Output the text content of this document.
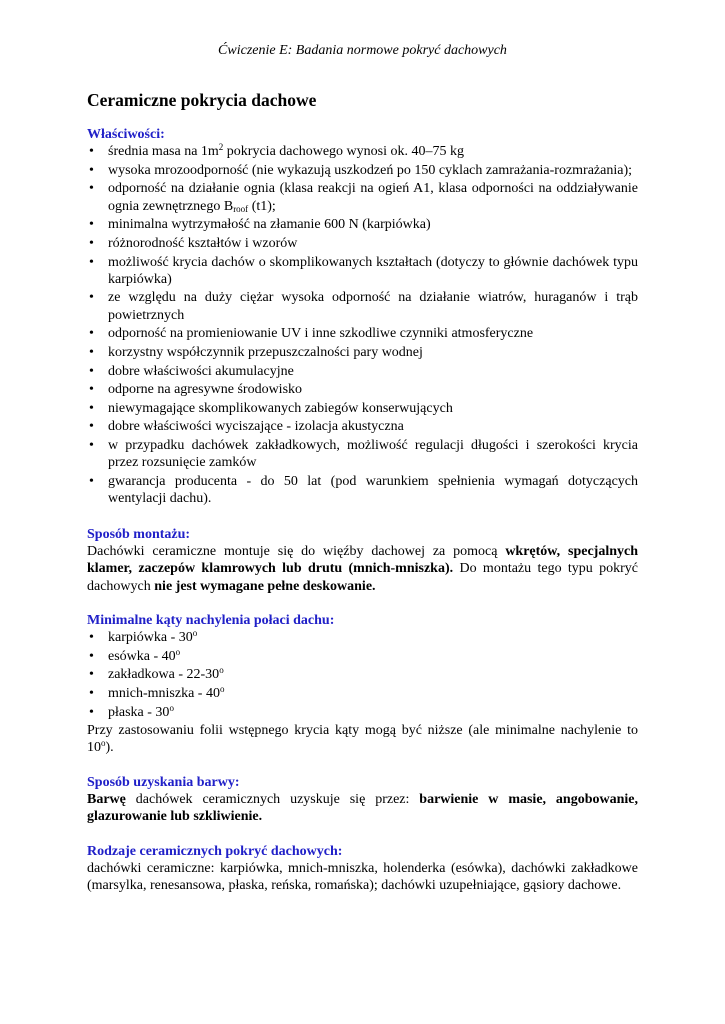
Ćwiczenie E: Badania normowe pokryć dachowych
Ceramiczne pokrycia dachowe
Właściwości:
• średnia masa na $1m^2$ pokrycia dachowego wynosi ok. 40–75 kg
• wysoka mrozoodporność (nie wykazują uszkodzeń po 150 cyklach zamrażania-rozmrażania);
• odporność na działanie ognia (klasa reakcji na ogień A1, klasa odporności na oddziaływanie ognia zewnętrznego $B_{roof}$ (t1);
• minimalna wytrzymałość na złamanie 600 N (karpiówka)
• różnorodność kształtów i wzorów
• możliwość krycia dachów o skomplikowanych kształtach (dotyczy to głównie dachówek typu karpiówka)
• ze względu na duży ciężar wysoka odporność na działanie wiatrów, huraganów i trąb powietrznych
• odporność na promieniowanie UV i inne szkodliwe czynniki atmosferyczne
• korzystny współczynnik przepuszczalności pary wodnej
• dobre właściwości akumulacyjne
• odporne na agresywne środowisko
• niewymagające skomplikowanych zabiegów konserwujących
• dobre właściwości wyciszające - izolacja akustyczna
• w przypadku dachówek zakładkowych, możliwość regulacji długości i szerokości krycia przez rozsunięcie zamków
• gwarancja producenta - do 50 lat (pod warunkiem spełnienia wymagań dotyczących wentylacji dachu).
Sposób montażu:

Dachówki ceramiczne montuje się do więźby dachowej za pomocą wkrętów, specjalnych klamer, zaczepów klamrowych lub drutu (mnich-mniszka). Do montażu tego typu pokryć dachowych nie jest wymagane pełne deskowanie.

Minimalne kąty nachylenia połaci dachu:
• karpiówka - 30$^o$
• esówka - 40$^o$
• zakładkowa - 22-30$^o$
• mnich-mniszka - 40$^o$
• płaska - 30$^o$

Przy zastosowaniu folii wstępnego krycia kąty mogą być niższe (ale minimalne nachylenie to 10$^o$).

Sposób uzyskania barwy:

Barwę dachówek ceramicznych uzyskuje się przez: barwienie w masie, angobowanie, glazurowanie lub szkliwienie.

Rodzaje ceramicznych pokryć dachowych:

dachówki ceramiczne: karpiówka, mnich-mniszka, holenderka (esówka), dachówki zakładkowe (marsylka, renesansowa, płaska, reńska, romańska); dachówki uzupełniające, gąsiory dachowe.
